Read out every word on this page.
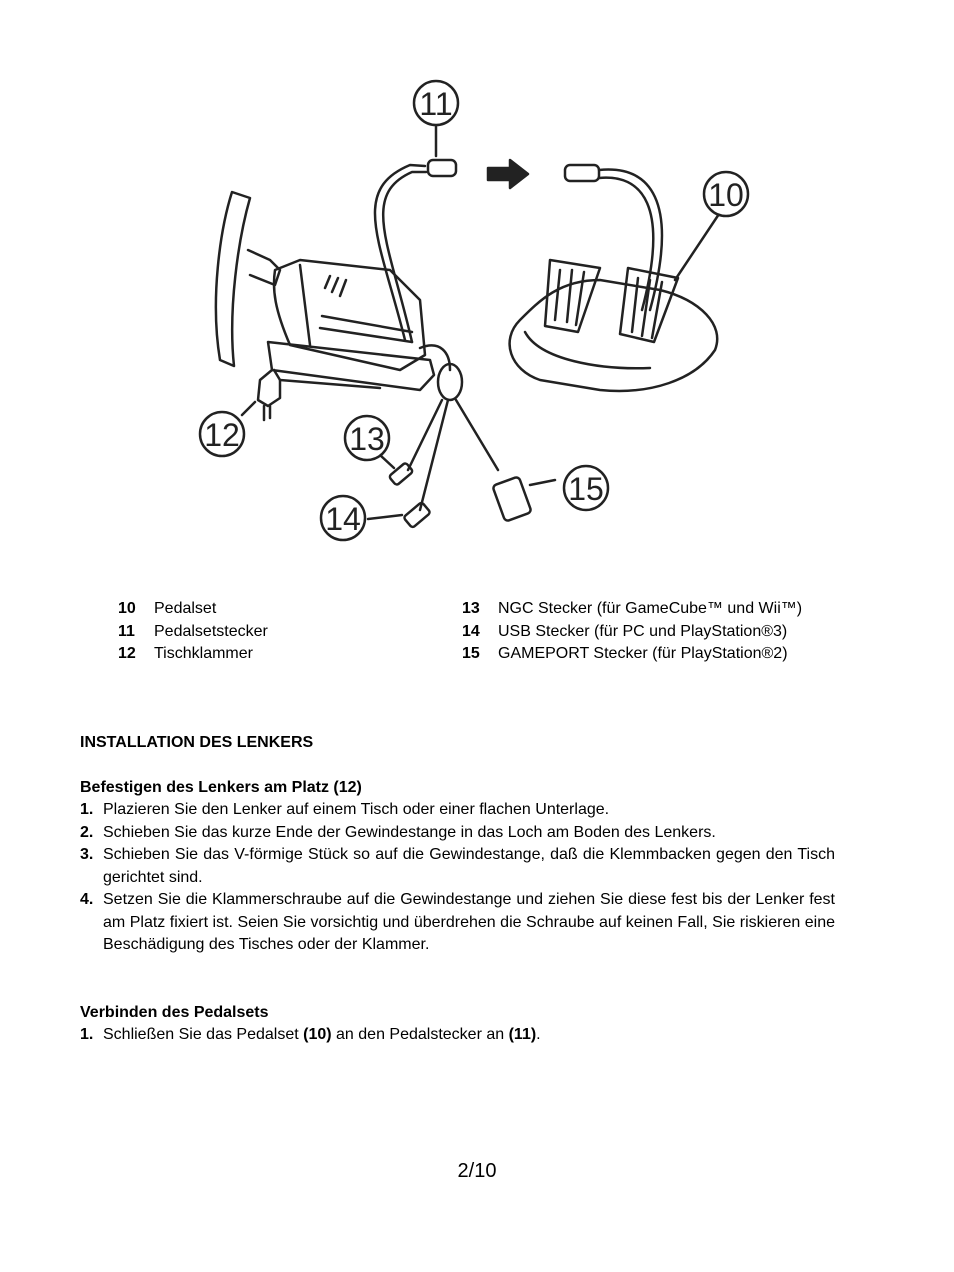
11
10
12	13
14
15
10 Pedalset
11 Pedalsetstecker
12 Tischklammer
13 NGC Stecker (für GameCube™ und Wii™)
14 USB Stecker (für PC und PlayStation®3)
15 GAMEPORT Stecker (für PlayStation®2)
INSTALLATION DES LENKERS
Befestigen des Lenkers am Platz (12)
1. Plazieren Sie den Lenker auf einem Tisch oder einer flachen Unterlage.
2. Schieben Sie das kurze Ende der Gewindestange in das Loch am Boden des Lenkers.
3. Schieben Sie das V-förmige Stück so auf die Gewindestange, daß die Klemmbacken gegen den Tisch gerichtet sind.
4. Setzen Sie die Klammerschraube auf die Gewindestange und ziehen Sie diese fest bis der Lenker fest am Platz fixiert ist. Seien Sie vorsichtig und überdrehen die Schraube auf keinen Fall, Sie riskieren eine Beschädigung des Tisches oder der Klammer.
Verbinden des Pedalsets
1. Schließen Sie das Pedalset (10) an den Pedalstecker an (11).
2/10
